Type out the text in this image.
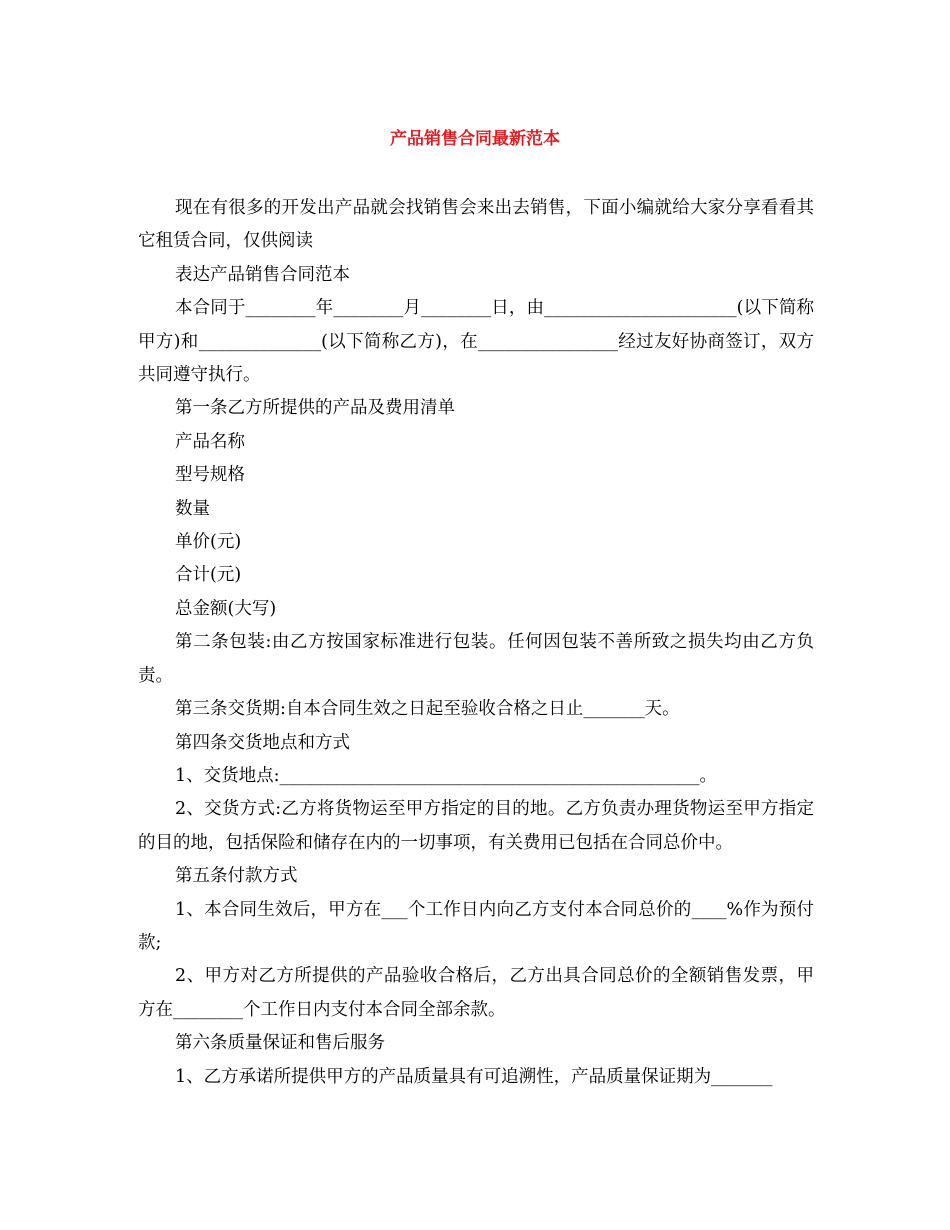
产品销售合同最新范本

现在有很多的开发出产品就会找销售会来出去销售，下面小编就给大家分享看看其它租赁合同，仅供阅读

表达产品销售合同范本

本合同于________年________月________日，由______________________(以下简称甲方)和______________(以下简称乙方)，在________________经过友好协商签订，双方共同遵守执行。

第一条乙方所提供的产品及费用清单

产品名称

型号规格

数量

单价(元)

合计(元)

总金额(大写)

第二条包装:由乙方按国家标准进行包装。任何因包装不善所致之损失均由乙方负责。

第三条交货期:自本合同生效之日起至验收合格之日止_______天。

第四条交货地点和方式

1、交货地点:________________________________________________。

2、交货方式:乙方将货物运至甲方指定的目的地。乙方负责办理货物运至甲方指定的目的地，包括保险和储存在内的一切事项，有关费用已包括在合同总价中。

第五条付款方式

1、本合同生效后，甲方在___个工作日内向乙方支付本合同总价的____%作为预付款;

2、甲方对乙方所提供的产品验收合格后，乙方出具合同总价的全额销售发票，甲方在________个工作日内支付本合同全部余款。

第六条质量保证和售后服务

1、乙方承诺所提供甲方的产品质量具有可追溯性，产品质量保证期为_______
